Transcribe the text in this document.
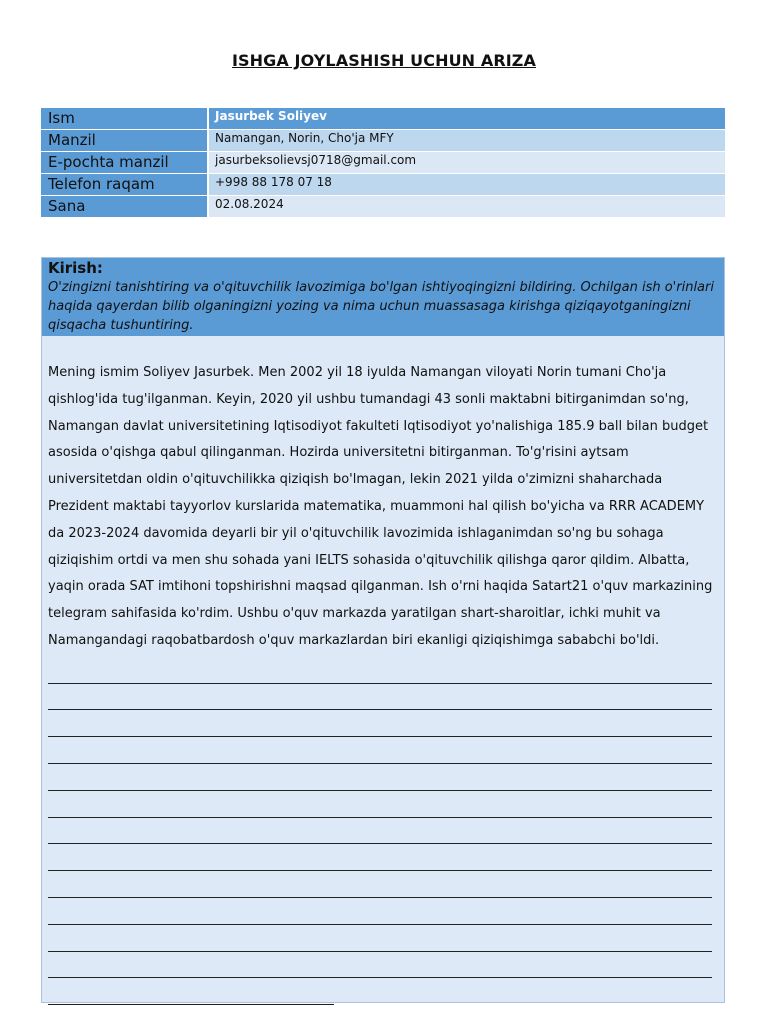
ISHGA JOYLASHISH UCHUN ARIZA
Ism	Jasurbek Soliyev
Manzil	Namangan, Norin, Cho'ja MFY
E-pochta manzil	jasurbeksolievsj0718@gmail.com
Telefon raqam	+998 88 178 07 18
Sana	02.08.2024
Kirish:
O'zingizni tanishtiring va o'qituvchilik lavozimiga bo'lgan ishtiyoqingizni bildiring. Ochilgan ish o'rinlari haqida qayerdan bilib olganingizni yozing va nima uchun muassasaga kirishga qiziqayotganingizni qisqacha tushuntiring.
Mening ismim Soliyev Jasurbek. Men 2002 yil 18 iyulda Namangan viloyati Norin tumani Cho'ja qishlog'ida tug'ilganman. Keyin, 2020 yil ushbu tumandagi 43 sonli maktabni bitirganimdan so'ng, Namangan davlat universitetining Iqtisodiyot fakulteti Iqtisodiyot yo'nalishiga 185.9 ball bilan budget asosida o'qishga qabul qilinganman. Hozirda universitetni bitirganman. To'g'risini aytsam universitetdan oldin o'qituvchilikka qiziqish bo'lmagan, lekin 2021 yilda o'zimizni shaharchada Prezident maktabi tayyorlov kurslarida matematika, muammoni hal qilish bo'yicha va RRR ACADEMY da 2023-2024 davomida deyarli bir yil o'qituvchilik lavozimida ishlaganimdan so'ng bu sohaga qiziqishim ortdi va men shu sohada yani IELTS sohasida o'qituvchilik qilishga qaror qildim. Albatta, yaqin orada SAT imtihoni topshirishni maqsad qilganman. Ish o'rni haqida Satart21 o'quv markazining telegram sahifasida ko'rdim. Ushbu o'quv markazda yaratilgan shart-sharoitlar, ichki muhit va Namangandagi raqobatbardosh o'quv markazlardan biri ekanligi qiziqishimga sababchi bo'ldi.
